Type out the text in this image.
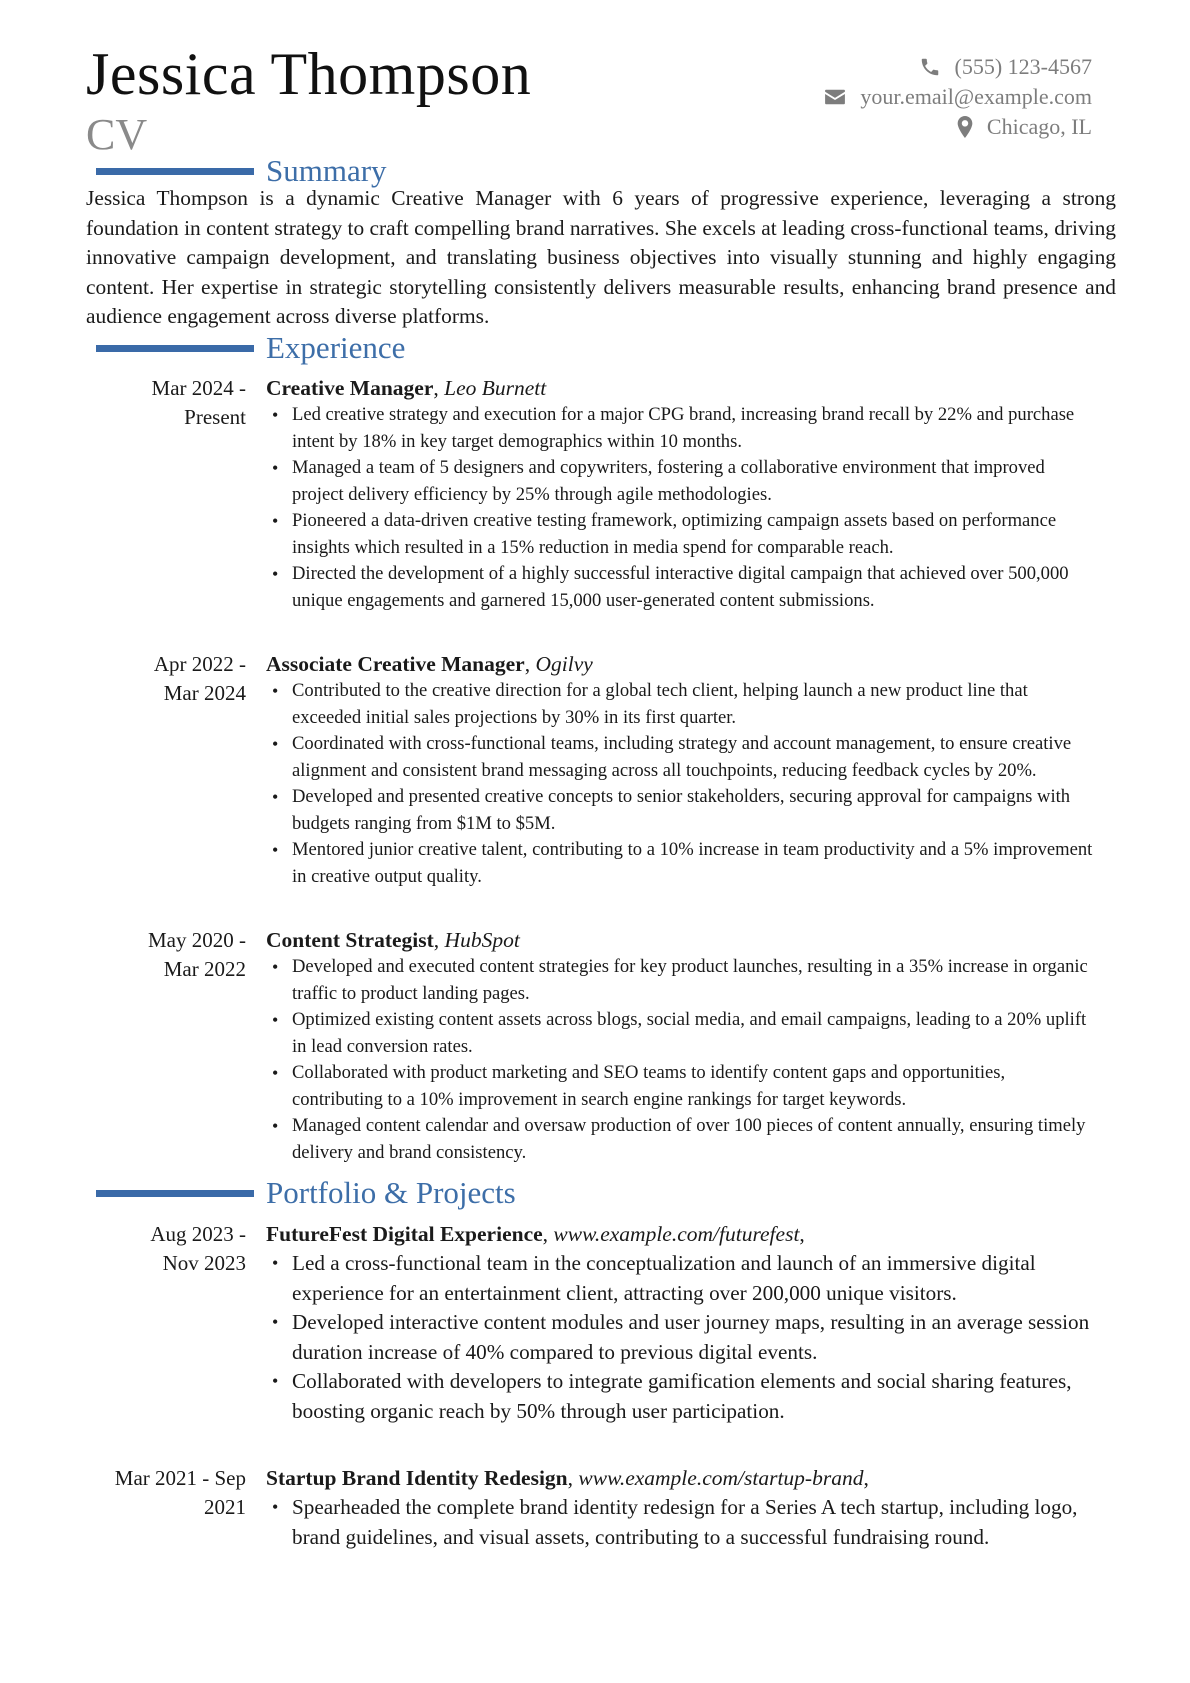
Jessica Thompson
CV
(555) 123-4567
your.email@example.com
Chicago, IL
Summary
Jessica Thompson is a dynamic Creative Manager with 6 years of progressive experience, leveraging a strong foundation in content strategy to craft compelling brand narratives. She excels at leading cross-functional teams, driving innovative campaign development, and translating business objectives into visually stunning and highly engaging content. Her expertise in strategic storytelling consistently delivers measurable results, enhancing brand presence and audience engagement across diverse platforms.
Experience
Mar 2024 -
Present
Creative Manager, Leo Burnett
• Led creative strategy and execution for a major CPG brand, increasing brand recall by 22% and purchase intent by 18% in key target demographics within 10 months.
• Managed a team of 5 designers and copywriters, fostering a collaborative environment that improved project delivery efficiency by 25% through agile methodologies.
• Pioneered a data-driven creative testing framework, optimizing campaign assets based on performance insights which resulted in a 15% reduction in media spend for comparable reach.
• Directed the development of a highly successful interactive digital campaign that achieved over 500,000 unique engagements and garnered 15,000 user-generated content submissions.
Apr 2022 -
Mar 2024
Associate Creative Manager, Ogilvy
• Contributed to the creative direction for a global tech client, helping launch a new product line that exceeded initial sales projections by 30% in its first quarter.
• Coordinated with cross-functional teams, including strategy and account management, to ensure creative alignment and consistent brand messaging across all touchpoints, reducing feedback cycles by 20%.
• Developed and presented creative concepts to senior stakeholders, securing approval for campaigns with budgets ranging from $1M to $5M.
• Mentored junior creative talent, contributing to a 10% increase in team productivity and a 5% improvement in creative output quality.
May 2020 -
Mar 2022
Content Strategist, HubSpot
• Developed and executed content strategies for key product launches, resulting in a 35% increase in organic traffic to product landing pages.
• Optimized existing content assets across blogs, social media, and email campaigns, leading to a 20% uplift in lead conversion rates.
• Collaborated with product marketing and SEO teams to identify content gaps and opportunities, contributing to a 10% improvement in search engine rankings for target keywords.
• Managed content calendar and oversaw production of over 100 pieces of content annually, ensuring timely delivery and brand consistency.
Portfolio & Projects
Aug 2023 -
Nov 2023
FutureFest Digital Experience, www.example.com/futurefest,
• Led a cross-functional team in the conceptualization and launch of an immersive digital experience for an entertainment client, attracting over 200,000 unique visitors.
• Developed interactive content modules and user journey maps, resulting in an average session duration increase of 40% compared to previous digital events.
• Collaborated with developers to integrate gamification elements and social sharing features, boosting organic reach by 50% through user participation.
Mar 2021 - Sep
2021
Startup Brand Identity Redesign, www.example.com/startup-brand,
• Spearheaded the complete brand identity redesign for a Series A tech startup, including logo, brand guidelines, and visual assets, contributing to a successful fundraising round.
